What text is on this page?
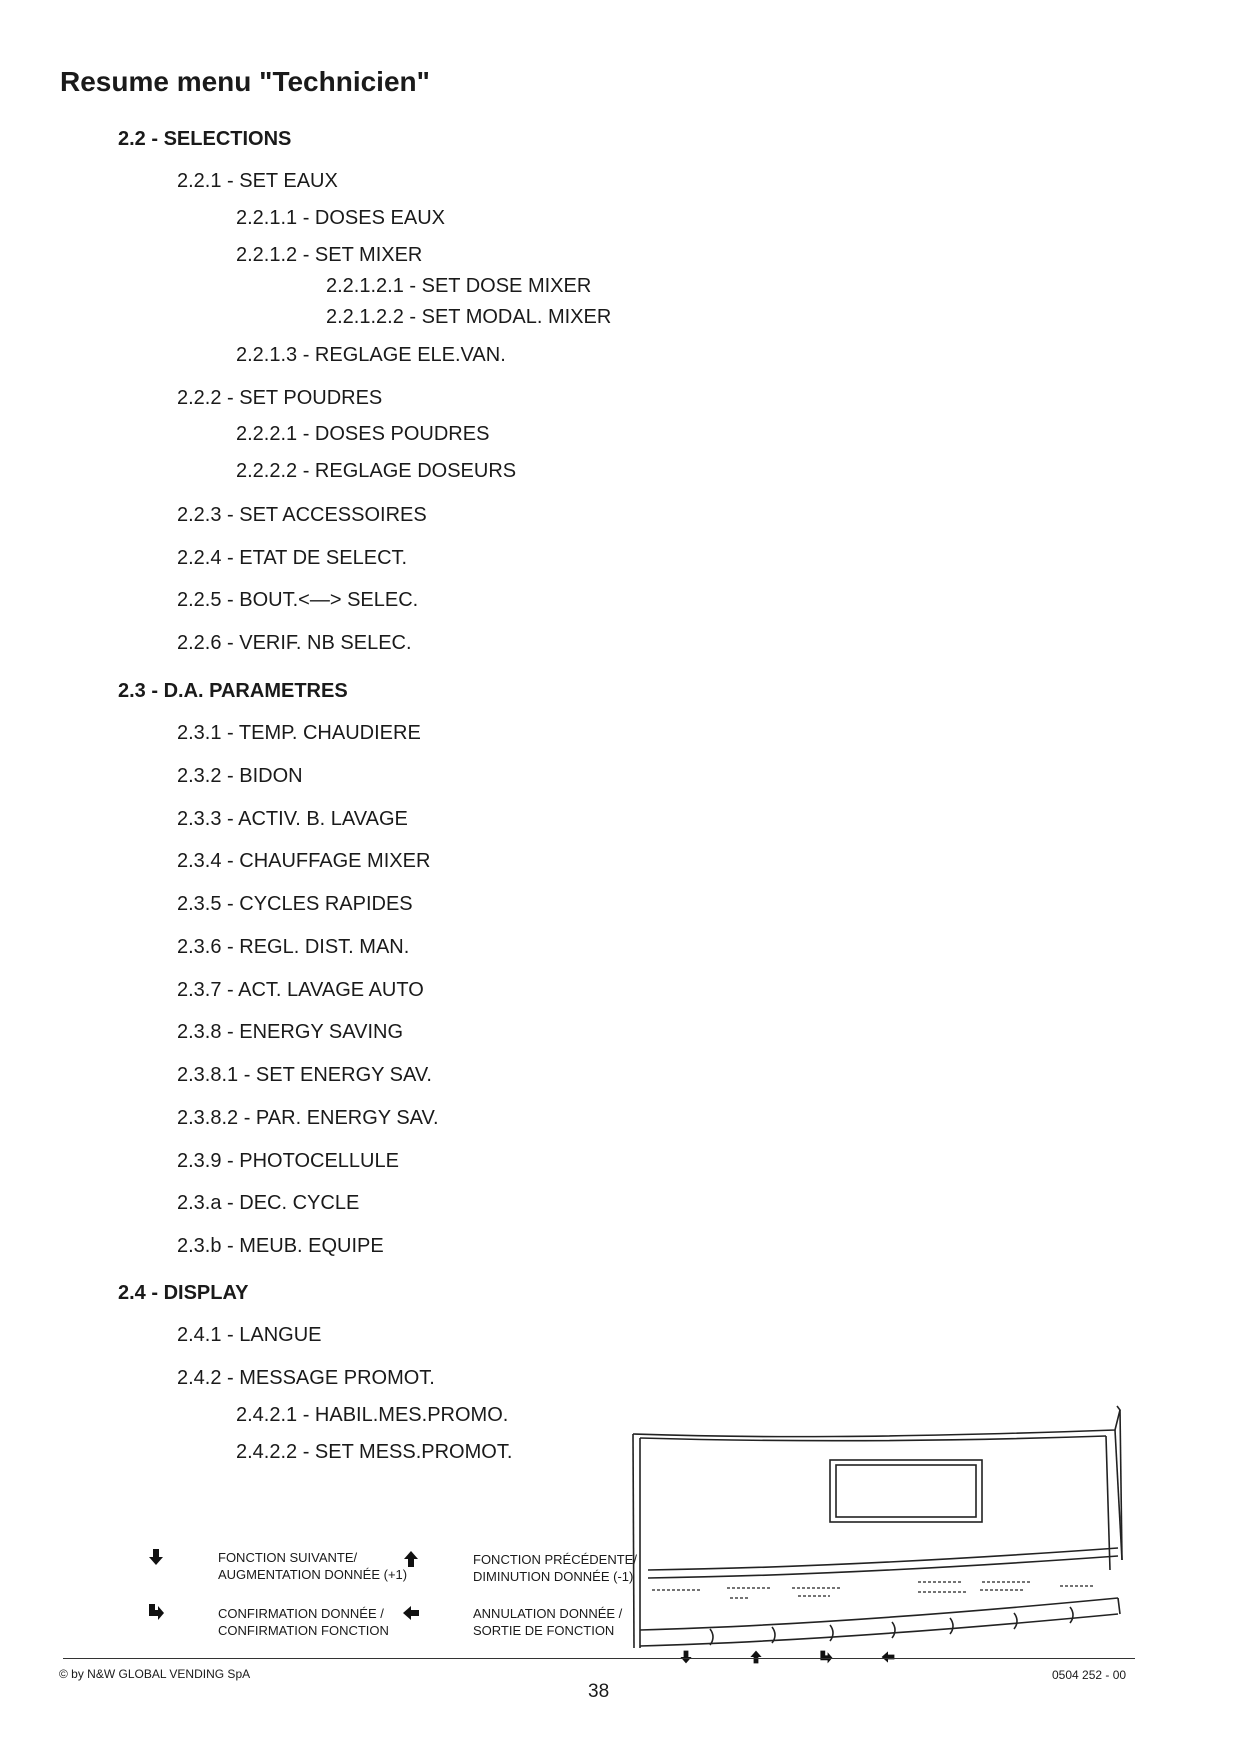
Resume menu "Technicien"
2.2 - SELECTIONS
2.2.1 - SET EAUX
2.2.1.1 - DOSES EAUX
2.2.1.2 - SET MIXER
2.2.1.2.1 - SET DOSE MIXER
2.2.1.2.2 - SET MODAL. MIXER
2.2.1.3 - REGLAGE ELE.VAN.
2.2.2 - SET POUDRES
2.2.2.1 - DOSES POUDRES
2.2.2.2 - REGLAGE DOSEURS
2.2.3 - SET ACCESSOIRES
2.2.4 - ETAT DE SELECT.
2.2.5 - BOUT.<—> SELEC.
2.2.6 - VERIF. NB SELEC.
2.3 - D.A. PARAMETRES
2.3.1 - TEMP. CHAUDIERE
2.3.2 - BIDON
2.3.3 - ACTIV. B. LAVAGE
2.3.4 - CHAUFFAGE MIXER
2.3.5 - CYCLES RAPIDES
2.3.6 - REGL. DIST. MAN.
2.3.7 - ACT. LAVAGE AUTO
2.3.8 - ENERGY SAVING
2.3.8.1 - SET ENERGY SAV.
2.3.8.2 - PAR. ENERGY SAV.
2.3.9 - PHOTOCELLULE
2.3.a - DEC. CYCLE
2.3.b - MEUB. EQUIPE
2.4 - DISPLAY
2.4.1 - LANGUE
2.4.2 - MESSAGE PROMOT.
2.4.2.1 - HABIL.MES.PROMO.
2.4.2.2 - SET MESS.PROMOT.
FONCTION SUIVANTE/
AUGMENTATION DONNÉE (+1)
FONCTION PRÉCÉDENTE/
DIMINUTION DONNÉE (-1)
CONFIRMATION DONNÉE /
CONFIRMATION FONCTION
ANNULATION DONNÉE /
SORTIE DE FONCTION
© by N&W GLOBAL VENDING SpA
38
0504 252 - 00
